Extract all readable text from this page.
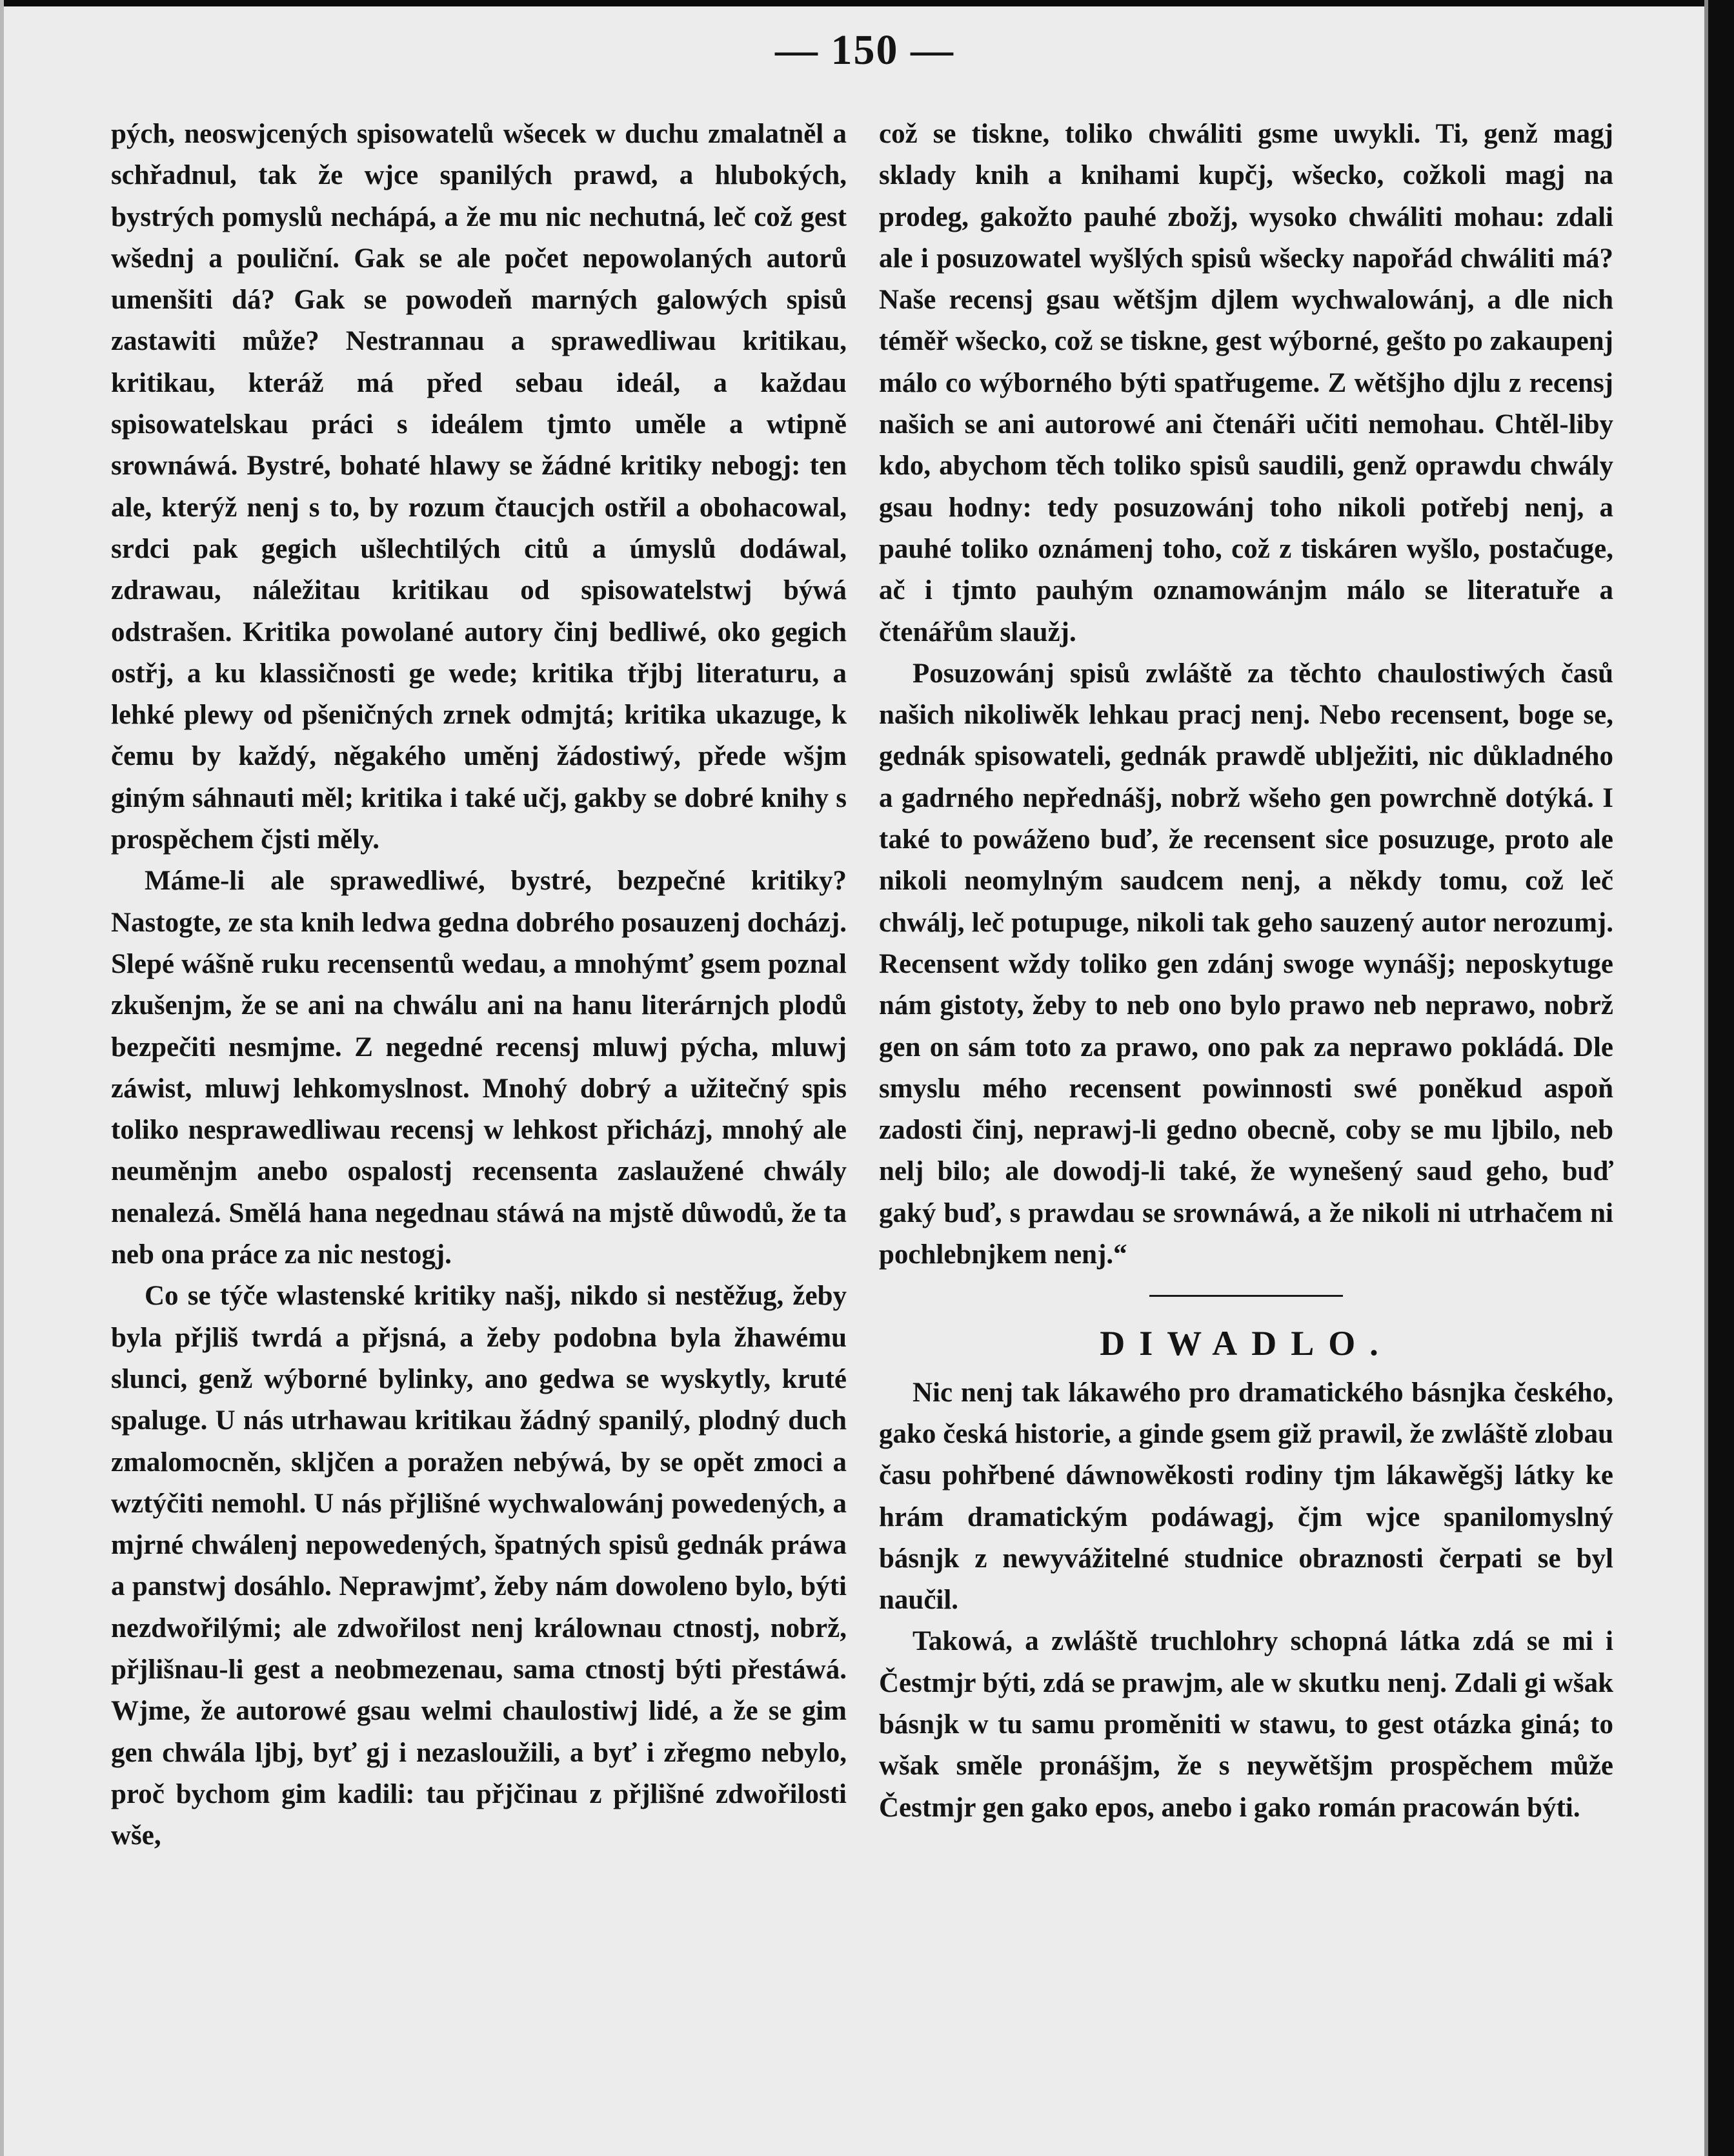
— 150 —

pých, neoswjcených spisowatelů wšecek w duchu zmalatněl a schřadnul, tak že wjce spanilých prawd, a hlubokých, bystrých pomyslů nechápá, a že mu nic nechutná, leč což gest wšednj a pouliční. Gak se ale počet nepowolaných autorů umenšiti dá? Gak se powodeň marných galowých spisů zastawiti může? Nestrannau a sprawedliwau kritikau, kritikau, kteráž má před sebau ideál, a každau spisowatelskau práci s ideálem tjmto uměle a wtipně srownáwá. Bystré, bohaté hlawy se žádné kritiky nebogj: ten ale, kterýž nenj s to, by rozum čtaucjch ostřil a obohacowal, srdci pak gegich ušlechtilých citů a úmyslů dodáwal, zdrawau, náležitau kritikau od spisowatelstwj býwá odstrašen. Kritika powolané autory činj bedliwé, oko gegich ostřj, a ku klassičnosti ge wede; kritika třjbj literaturu, a lehké plewy od pšeničných zrnek odmjtá; kritika ukazuge, k čemu by každý, něgakého uměnj žádostiwý, přede wšjm giným sáhnauti měl; kritika i také učj, gakby se dobré knihy s prospěchem čjsti měly.

Máme-li ale sprawedliwé, bystré, bezpečné kritiky? Nastogte, ze sta knih ledwa gedna dobrého posauzenj docházj. Slepé wášně ruku recensentů wedau, a mnohýmť gsem poznal zkušenjm, že se ani na chwálu ani na hanu literárnjch plodů bezpečiti nesmjme. Z negedné recensj mluwj pýcha, mluwj záwist, mluwj lehkomyslnost. Mnohý dobrý a užitečný spis toliko nesprawedliwau recensj w lehkost přicházj, mnohý ale neuměnjm anebo ospalostj recensenta zaslaužené chwály nenalezá. Smělá hana negednau stáwá na mjstě důwodů, že ta neb ona práce za nic nestogj.

Co se týče wlastenské kritiky našj, nikdo si nestěžug, žeby byla přjliš twrdá a přjsná, a žeby podobna byla žhawému slunci, genž wýborné bylinky, ano gedwa se wyskytly, kruté spaluge. U nás utrhawau kritikau žádný spanilý, plodný duch zmalomocněn, skljčen a poražen nebýwá, by se opět zmoci a wztýčiti nemohl. U nás přjlišné wychwalowánj powedených, a mjrné chwálenj nepowedených, špatných spisů gednák práwa a panstwj dosáhlo. Neprawjmť, žeby nám dowoleno bylo, býti nezdwořilými; ale zdwořilost nenj králownau ctnostj, nobrž, přjlišnau-li gest a neobmezenau, sama ctnostj býti přestáwá. Wjme, že autorowé gsau welmi chaulostiwj lidé, a že se gim gen chwála ljbj, byť gj i nezasloužili, a byť i zřegmo nebylo, proč bychom gim kadili: tau přjčinau z přjlišné zdwořilosti wše,

což se tiskne, toliko chwáliti gsme uwykli. Ti, genž magj sklady knih a knihami kupčj, wšecko, cožkoli magj na prodeg, gakožto pauhé zbožj, wysoko chwáliti mohau: zdali ale i posuzowatel wyšlých spisů wšecky napořád chwáliti má? Naše recensj gsau wětšjm djlem wychwalowánj, a dle nich téměř wšecko, což se tiskne, gest wýborné, gešto po zakaupenj málo co wýborného býti spatřugeme. Z wětšjho djlu z recensj našich se ani autorowé ani čtenáři učiti nemohau. Chtěl-liby kdo, abychom těch toliko spisů saudili, genž oprawdu chwály gsau hodny: tedy posuzowánj toho nikoli potřebj nenj, a pauhé toliko oznámenj toho, což z tiskáren wyšlo, postačuge, ač i tjmto pauhým oznamowánjm málo se literatuře a čtenářům slaužj.

Posuzowánj spisů zwláště za těchto chaulostiwých časů našich nikoliwěk lehkau pracj nenj. Nebo recensent, boge se, gednák spisowateli, gednák prawdě ublježiti, nic důkladného a gadrného nepřednášj, nobrž wšeho gen powrchně dotýká. I také to powáženo buď, že recensent sice posuzuge, proto ale nikoli neomylným saudcem nenj, a někdy tomu, což leč chwálj, leč potupuge, nikoli tak geho sauzený autor nerozumj. Recensent wždy toliko gen zdánj swoge wynášj; neposkytuge nám gistoty, žeby to neb ono bylo prawo neb neprawo, nobrž gen on sám toto za prawo, ono pak za neprawo pokládá. Dle smyslu mého recensent powinnosti swé poněkud aspoň zadosti činj, neprawj-li gedno obecně, coby se mu ljbilo, neb nelj bilo; ale dowodj-li také, že wynešený saud geho, buď gaký buď, s prawdau se srownáwá, a že nikoli ni utrhačem ni pochlebnjkem nenj.“

DIWADLO.

Nic nenj tak lákawého pro dramatického básnjka českého, gako česká historie, a ginde gsem giž prawil, že zwláště zlobau času pohřbené dáwnowěkosti rodiny tjm lákawěgšj látky ke hrám dramatickým podáwagj, čjm wjce spanilomyslný básnjk z newyvážitelné studnice obraznosti čerpati se byl naučil.

Takowá, a zwláště truchlohry schopná látka zdá se mi i Čestmjr býti, zdá se prawjm, ale w skutku nenj. Zdali gi wšak básnjk w tu samu proměniti w stawu, to gest otázka giná; to wšak směle pronášjm, že s neywětšjm prospěchem může Čestmjr gen gako epos, anebo i gako román pracowán býti.
